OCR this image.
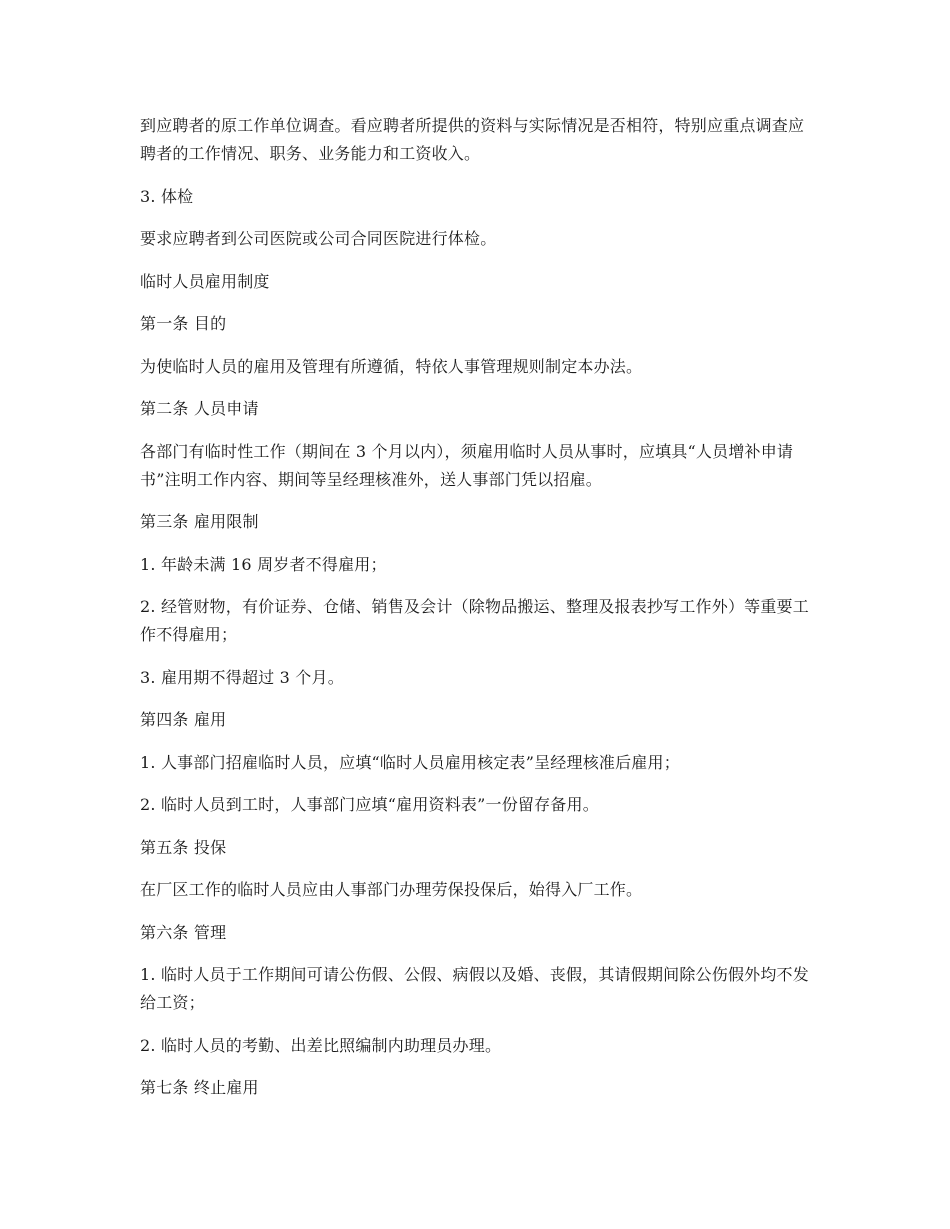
到应聘者的原工作单位调查。看应聘者所提供的资料与实际情况是否相符，特别应重点调查应聘者的工作情况、职务、业务能力和工资收入。

3. 体检

要求应聘者到公司医院或公司合同医院进行体检。

临时人员雇用制度

第一条 目的

为使临时人员的雇用及管理有所遵循，特依人事管理规则制定本办法。

第二条 人员申请

各部门有临时性工作（期间在 3 个月以内），须雇用临时人员从事时，应填具“人员增补申请书”注明工作内容、期间等呈经理核准外，送人事部门凭以招雇。

第三条 雇用限制

1. 年龄未满 16 周岁者不得雇用；

2. 经管财物，有价证券、仓储、销售及会计（除物品搬运、整理及报表抄写工作外）等重要工作不得雇用；

3. 雇用期不得超过 3 个月。

第四条 雇用

1. 人事部门招雇临时人员，应填“临时人员雇用核定表”呈经理核准后雇用；

2. 临时人员到工时，人事部门应填“雇用资料表”一份留存备用。

第五条 投保

在厂区工作的临时人员应由人事部门办理劳保投保后，始得入厂工作。

第六条 管理

1. 临时人员于工作期间可请公伤假、公假、病假以及婚、丧假，其请假期间除公伤假外均不发给工资；

2. 临时人员的考勤、出差比照编制内助理员办理。

第七条 终止雇用
